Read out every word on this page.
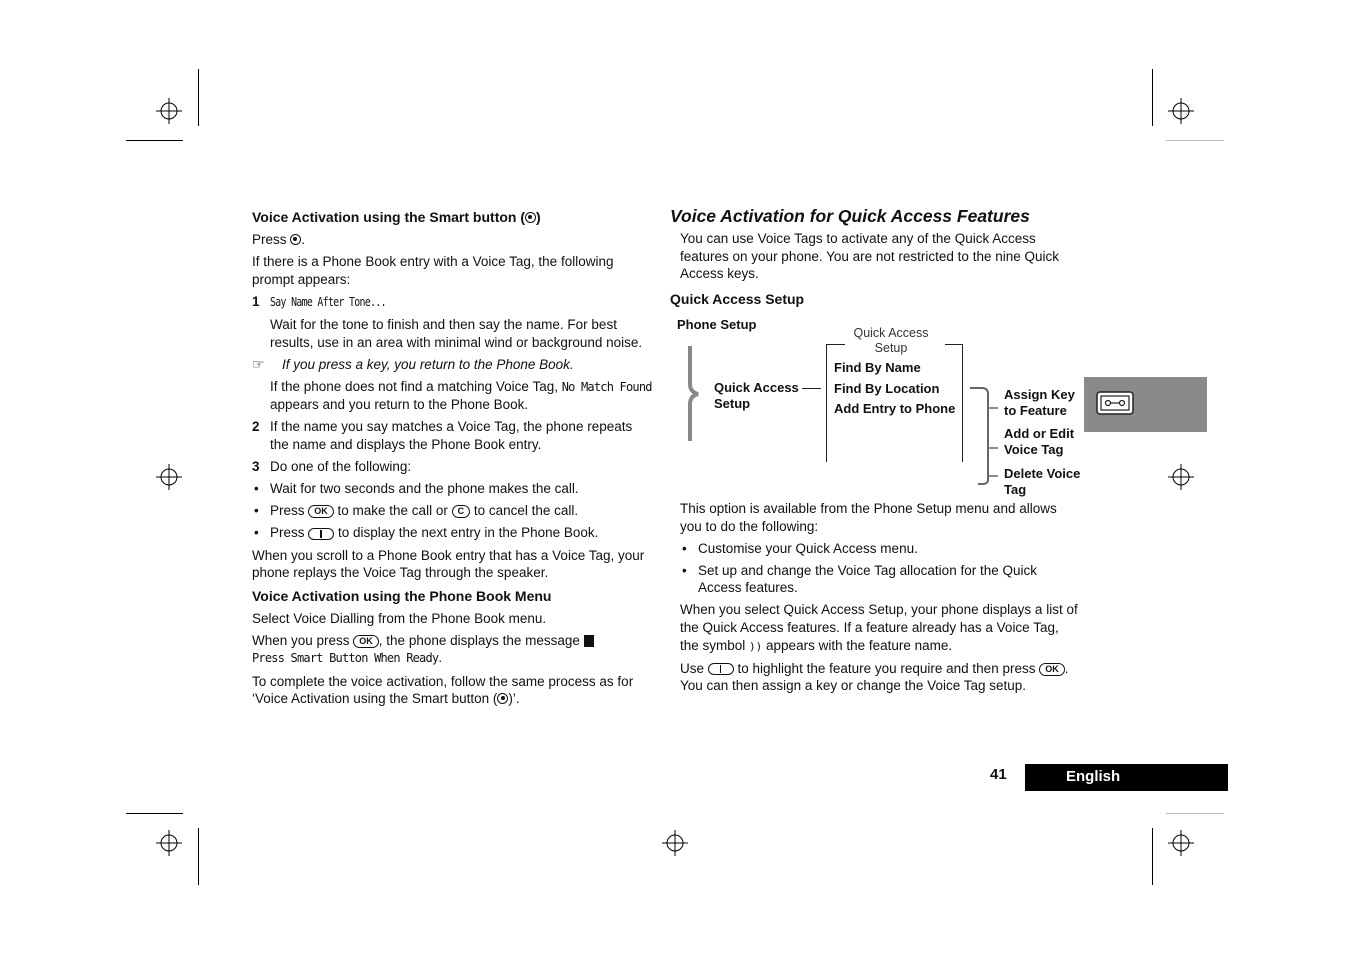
Voice Activation using the Smart button ( )

Press .

If there is a Phone Book entry with a Voice Tag, the following prompt appears:

1 Say Name After Tone...

Wait for the tone to finish and then say the name. For best results, use in an area with minimal wind or background noise.

☞ If you press a key, you return to the Phone Book.

If the phone does not find a matching Voice Tag, No Match Found appears and you return to the Phone Book.

2 If the name you say matches a Voice Tag, the phone repeats the name and displays the Phone Book entry.

3 Do one of the following:

• Wait for two seconds and the phone makes the call.

• Press OK to make the call or C to cancel the call.

• Press  to display the next entry in the Phone Book.

When you scroll to a Phone Book entry that has a Voice Tag, your phone replays the Voice Tag through the speaker.

Voice Activation using the Phone Book Menu

Select Voice Dialling from the Phone Book menu.

When you press OK , the phone displays the message Press Smart Button When Ready.

To complete the voice activation, follow the same process as for ‘Voice Activation using the Smart button ( )’.

Voice Activation for Quick Access Features

You can use Voice Tags to activate any of the Quick Access features on your phone. You are not restricted to the nine Quick Access keys.

Quick Access Setup

Phone Setup
Quick Access Setup
Quick Access Setup
Find By Name
Find By Location
Add Entry to Phone
Assign Key to Feature
Add or Edit Voice Tag
Delete Voice Tag

This option is available from the Phone Setup menu and allows you to do the following:

• Customise your Quick Access menu.

• Set up and change the Voice Tag allocation for the Quick Access features.

When you select Quick Access Setup, your phone displays a list of the Quick Access features. If a feature already has a Voice Tag, the symbol )) appears with the feature name.

Use  to highlight the feature you require and then press OK . You can then assign a key or change the Voice Tag setup.

41	English
